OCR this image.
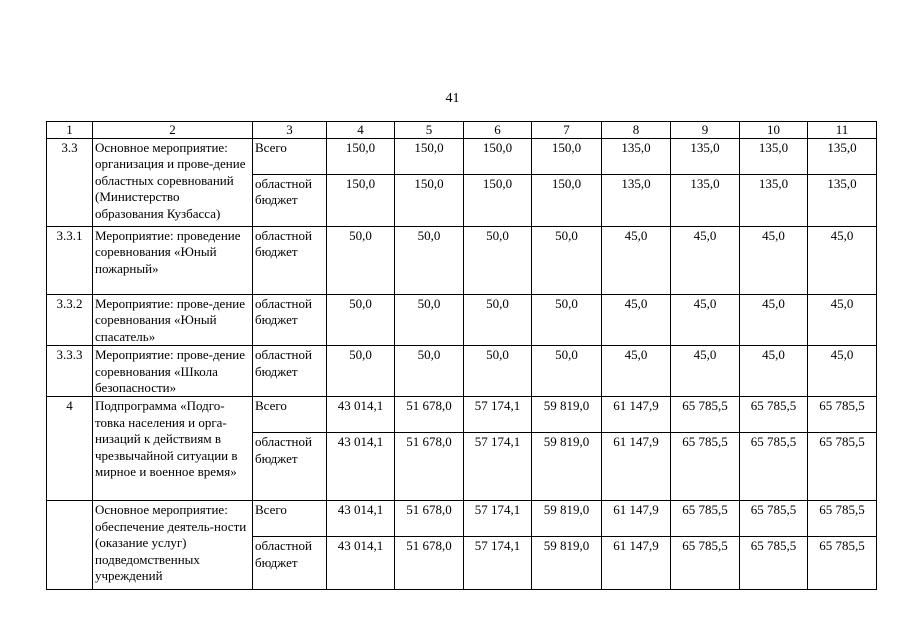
41
1	2	3	4	5	6	7	8	9	10	11
3.3	Основное мероприятие: организация и прове-дение областных соревнований (Министерство образования Кузбасса)	Всего	150,0	150,0	150,0	150,0	135,0	135,0	135,0	135,0
		областной бюджет	150,0	150,0	150,0	150,0	135,0	135,0	135,0	135,0
3.3.1	Мероприятие: проведение соревнования «Юный пожарный»	областной бюджет	50,0	50,0	50,0	50,0	45,0	45,0	45,0	45,0
3.3.2	Мероприятие: прове-дение соревнования «Юный спасатель»	областной бюджет	50,0	50,0	50,0	50,0	45,0	45,0	45,0	45,0
3.3.3	Мероприятие: прове-дение соревнования «Школа безопасности»	областной бюджет	50,0	50,0	50,0	50,0	45,0	45,0	45,0	45,0
4	Подпрограмма «Подго-товка населения и орга-низаций к действиям в чрезвычайной ситуации в мирное и военное время»	Всего	43 014,1	51 678,0	57 174,1	59 819,0	61 147,9	65 785,5	65 785,5	65 785,5
		областной бюджет	43 014,1	51 678,0	57 174,1	59 819,0	61 147,9	65 785,5	65 785,5	65 785,5
	Основное мероприятие: обеспечение деятель-ности (оказание услуг) подведомственных учреждений	Всего	43 014,1	51 678,0	57 174,1	59 819,0	61 147,9	65 785,5	65 785,5	65 785,5
		областной бюджет	43 014,1	51 678,0	57 174,1	59 819,0	61 147,9	65 785,5	65 785,5	65 785,5
